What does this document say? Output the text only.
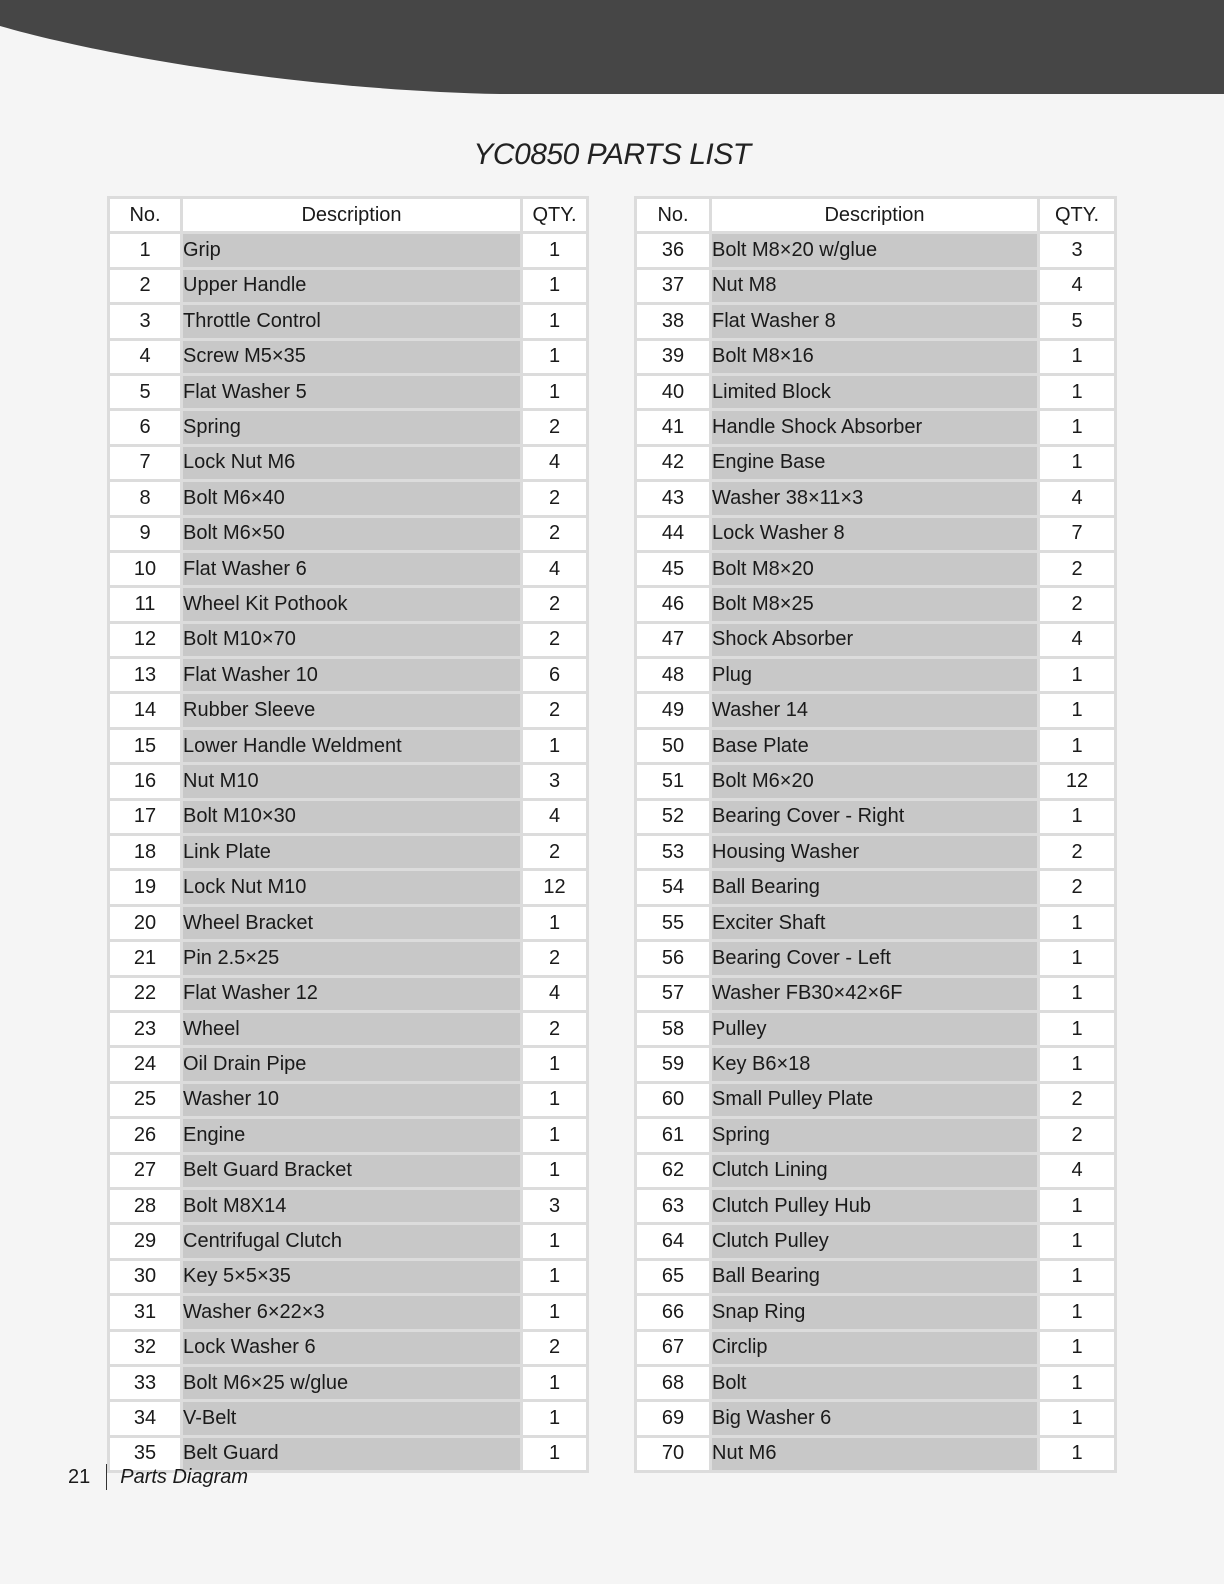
YC0850 PARTS LIST
No.	Description	QTY.
1	Grip	1
2	Upper Handle	1
3	Throttle Control	1
4	Screw M5×35	1
5	Flat Washer 5	1
6	Spring	2
7	Lock Nut M6	4
8	Bolt M6×40	2
9	Bolt M6×50	2
10	Flat Washer 6	4
11	Wheel Kit Pothook	2
12	Bolt M10×70	2
13	Flat Washer 10	6
14	Rubber Sleeve	2
15	Lower Handle Weldment	1
16	Nut M10	3
17	Bolt M10×30	4
18	Link Plate	2
19	Lock Nut M10	12
20	Wheel Bracket	1
21	Pin 2.5×25	2
22	Flat Washer 12	4
23	Wheel	2
24	Oil Drain Pipe	1
25	Washer 10	1
26	Engine	1
27	Belt Guard Bracket	1
28	Bolt M8X14	3
29	Centrifugal Clutch	1
30	Key 5×5×35	1
31	Washer 6×22×3	1
32	Lock Washer 6	2
33	Bolt M6×25 w/glue	1
34	V-Belt	1
35	Belt Guard	1
No.	Description	QTY.
36	Bolt M8×20 w/glue	3
37	Nut M8	4
38	Flat Washer 8	5
39	Bolt M8×16	1
40	Limited Block	1
41	Handle Shock Absorber	1
42	Engine Base	1
43	Washer 38×11×3	4
44	Lock Washer 8	7
45	Bolt M8×20	2
46	Bolt M8×25	2
47	Shock Absorber	4
48	Plug	1
49	Washer 14	1
50	Base Plate	1
51	Bolt M6×20	12
52	Bearing Cover - Right	1
53	Housing Washer	2
54	Ball Bearing	2
55	Exciter Shaft	1
56	Bearing Cover - Left	1
57	Washer FB30×42×6F	1
58	Pulley	1
59	Key B6×18	1
60	Small Pulley Plate	2
61	Spring	2
62	Clutch Lining	4
63	Clutch Pulley Hub	1
64	Clutch Pulley	1
65	Ball Bearing	1
66	Snap Ring	1
67	Circlip	1
68	Bolt	1
69	Big Washer 6	1
70	Nut M6	1
21 Parts Diagram
